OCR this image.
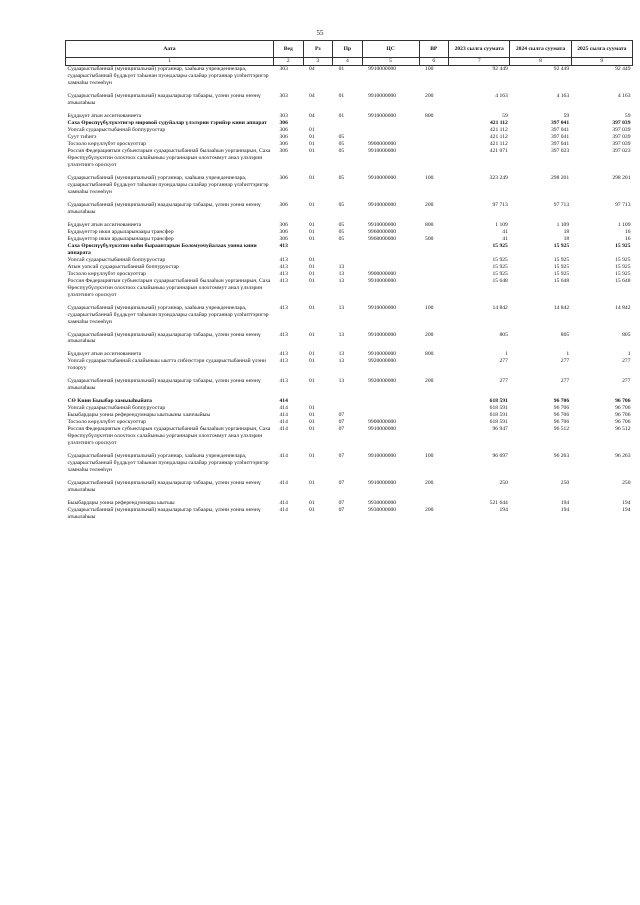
55
Аата	Вед	Рз	Пр	ЦС	ВР	2023 сылга суумата	2024 сылга суумата	2025 сылга суумата
1	2	3	4	5	6	7	8	9
Судаарыстыбаннай (муниципальнай) уорганнар, хааһына учреждениелара, судаарыстыбаннай бүддьүөт таһынан пуондалары салайар уорганнар үлэһиттэригэр хамнаһы төлөөһүн	303	04	01	9910000000	100	92 449	92 449	92 449
Судаарыстыбаннай (муниципальнай) наадыларыгар табаары, үлэни уонна өҥөнү атыылаһыы	303	04	01	9910000000	200	4 163	4 163	4 163
Бүддьүөт атын ассигнованиета	303	04	01	9910000000	800	59	59	59
Саха Өрөспүүбүлүкэтигэр мировой судуйалар үлэлэрин тэрийэр кини аппарат	306					421 112	397 041	397 039
Уопсай судаарыстыбаннай боппуруостар	306	01				421 112	397 041	397 039
Суут тиһигэ	306	01	05			421 112	397 041	397 039
Тосхоло көрүллүбэт ороскуоттар	306	01	05	9900000000		421 112	397 041	397 039
Россия Федерациятын субъектарын судаарыстыбаннай былааһын уорганнарын, Саха Өрөспүүбүлүкэтин олохтоох салайыныы уорганнарын олохтоммут анал үлэлэрин үлэлэтиигэ ороскуот	306	01	05	9910000000		421 071	397 023	397 023
Судаарыстыбаннай (муниципальнай) уорганнар, хааһына учреждениелара, судаарыстыбаннай бүддьүөт таһынан пуондалары салайар уорганнар үлэһиттэригэр хамнаһы төлөөһүн	306	01	05	9910000000	100	323 249	298 201	298 201
Судаарыстыбаннай (муниципальнай) наадыларыгар табаары, үлэни уонна өҥөнү атыылаһыы	306	01	05	9910000000	200	97 713	97 713	97 713
Бүддьүөт атын ассигнованиета	306	01	05	9910000000	800	1 109	1 109	1 109
Бүддьүөттэр икки ардыларынааҕы трансфер	306	01	05	9960000000		41	18	16
Бүддьүөттэр икки ардыларынааҕы трансфер	306	01	05	9960000000	500	41	18	16
Саха Өрөспүүбүлүкэтин киһи бырааптарын Боломуочуйалаах уонна кини аппарата	413					15 925	15 925	15 925
Уопсай судаарыстыбаннай боппуруостар	413	01				15 925	15 925	15 925
Атын уопсай судаарыстыбаннай боппуруостар	413	01	13			15 925	15 925	15 925
Тосхоло көрүллүбэт ороскуоттар	413	01	13	9900000000		15 925	15 925	15 925
Россия Федерациятын субъектарын судаарыстыбаннай былааһын уорганнарын, Саха Өрөспүүбүлүкэтин олохтоох салайыныы уорганнарын олохтоммут анал үлэлэрин үлэлэтиигэ ороскуот	413	01	13	9910000000		15 648	15 648	15 648
Судаарыстыбаннай (муниципальнай) уорганнар, хааһына учреждениелара, судаарыстыбаннай бүддьүөт таһынан пуондалары салайар уорганнар үлэһиттэригэр хамнаһы төлөөһүн	413	01	13	9910000000	100	14 842	14 842	14 842
Судаарыстыбаннай (муниципальнай) наадыларыгар табаары, үлэни уонна өҥөнү атыылаһыы	413	01	13	9910000000	200	805	805	805
Бүддьүөт атын ассигнованиета	413	01	13	9910000000	800	1	1	1
Уопсай судаарыстыбаннай салайыныы ыытта сибиэстэри судаарыстыбаннай үлэни толоруу	413	01	13	9920000000		277	277	277
Судаарыстыбаннай (муниципальнай) наадыларыгар табаары, үлэни уонна өҥөнү атыылаһыы	413	01	13	9920000000	200	277	277	277
СӨ Киин Быыбар хамыыһыйата	414					618 591	96 706	96 706
Уопсай судаарыстыбаннай боппуруостар	414	01				618 591	96 706	96 706
Быыбардары уонна референдумнары ыытыыны хааччыйыы	414	01	07			618 591	96 706	96 706
Тосхоло көрүллүбэт ороскуоттар	414	01	07	9900000000		618 591	96 706	96 706
Россия Федерациятын субъектарын судаарыстыбаннай былааһын уорганнарын, Саха Өрөспүүбүлүкэтин олохтоох салайыныы уорганнарын олохтоммут анал үлэлэрин үлэлэтиигэ ороскуот	414	01	07	9910000000		96 947	96 512	96 512
Судаарыстыбаннай (муниципальнай) уорганнар, хааһына учреждениелара, судаарыстыбаннай бүддьүөт таһынан пуондалары салайар уорганнар үлэһиттэригэр хамнаһы төлөөһүн	414	01	07	9910000000	100	96 697	96 263	96 263
Судаарыстыбаннай (муниципальнай) наадыларыгар табаары, үлэни уонна өҥөнү атыылаһыы	414	01	07	9910000000	200	250	250	250
Быыбардары уонна референдумнары ыытыы	414	01	07	9930000000		521 644	194	194
Судаарыстыбаннай (муниципальнай) наадыларыгар табаары, үлэни уонна өҥөнү атыылаһыы	414	01	07	9930000000	200	194	194	194
